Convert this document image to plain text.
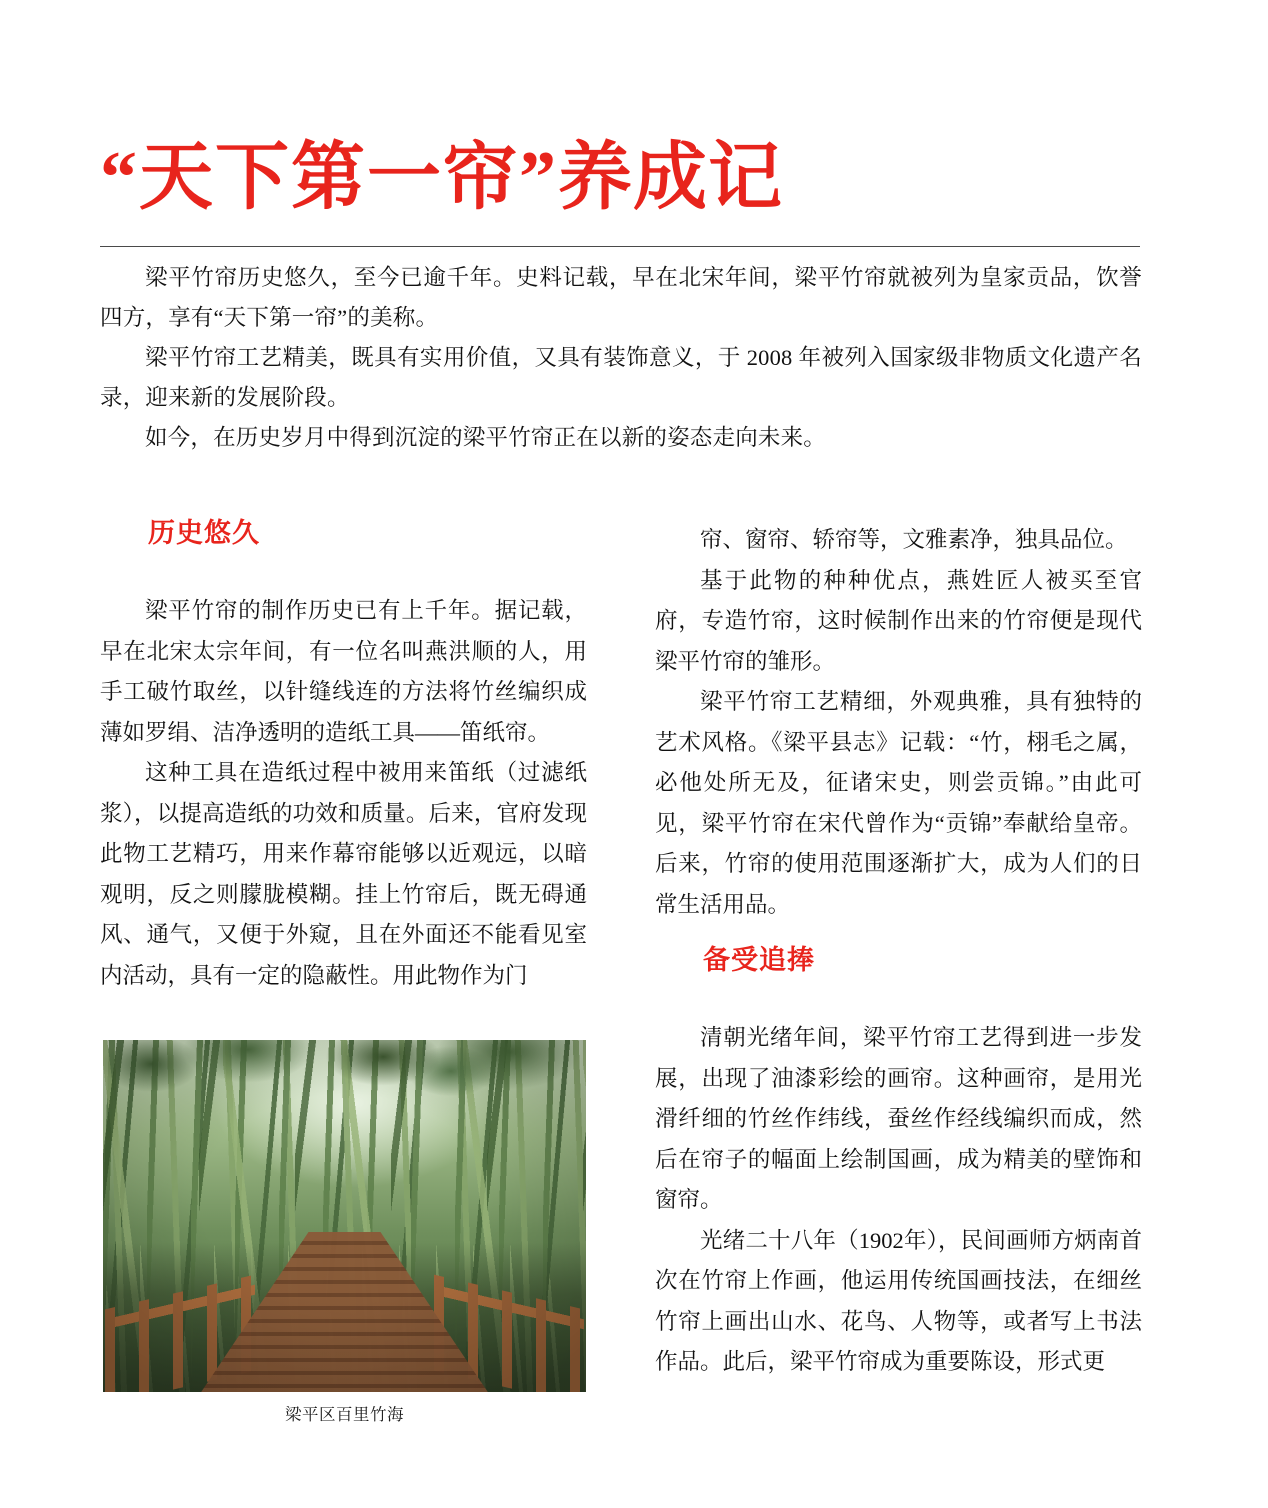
“天下第一帘”养成记

梁平竹帘历史悠久，至今已逾千年。史料记载，早在北宋年间，梁平竹帘就被列为皇家贡品，饮誉四方，享有“天下第一帘”的美称。

梁平竹帘工艺精美，既具有实用价值，又具有装饰意义，于 2008 年被列入国家级非物质文化遗产名录，迎来新的发展阶段。

如今，在历史岁月中得到沉淀的梁平竹帘正在以新的姿态走向未来。

历史悠久

梁平竹帘的制作历史已有上千年。据记载，早在北宋太宗年间，有一位名叫燕洪顺的人，用手工破竹取丝，以针缝线连的方法将竹丝编织成薄如罗绢、洁净透明的造纸工具——笛纸帘。

这种工具在造纸过程中被用来笛纸（过滤纸浆），以提高造纸的功效和质量。后来，官府发现此物工艺精巧，用来作幕帘能够以近观远，以暗观明，反之则朦胧模糊。挂上竹帘后，既无碍通风、通气，又便于外窥，且在外面还不能看见室内活动，具有一定的隐蔽性。用此物作为门

帘、窗帘、轿帘等，文雅素净，独具品位。

基于此物的种种优点，燕姓匠人被买至官府，专造竹帘，这时候制作出来的竹帘便是现代梁平竹帘的雏形。

梁平竹帘工艺精细，外观典雅，具有独特的艺术风格。《梁平县志》记载：“竹，栩毛之属，必他处所无及，征诸宋史，则尝贡锦。”由此可见，梁平竹帘在宋代曾作为“贡锦”奉献给皇帝。后来，竹帘的使用范围逐渐扩大，成为人们的日常生活用品。

备受追捧

清朝光绪年间，梁平竹帘工艺得到进一步发展，出现了油漆彩绘的画帘。这种画帘，是用光滑纤细的竹丝作纬线，蚕丝作经线编织而成，然后在帘子的幅面上绘制国画，成为精美的壁饰和窗帘。

光绪二十八年（1902年），民间画师方炳南首次在竹帘上作画，他运用传统国画技法，在细丝竹帘上画出山水、花鸟、人物等，或者写上书法作品。此后，梁平竹帘成为重要陈设，形式更

梁平区百里竹海
